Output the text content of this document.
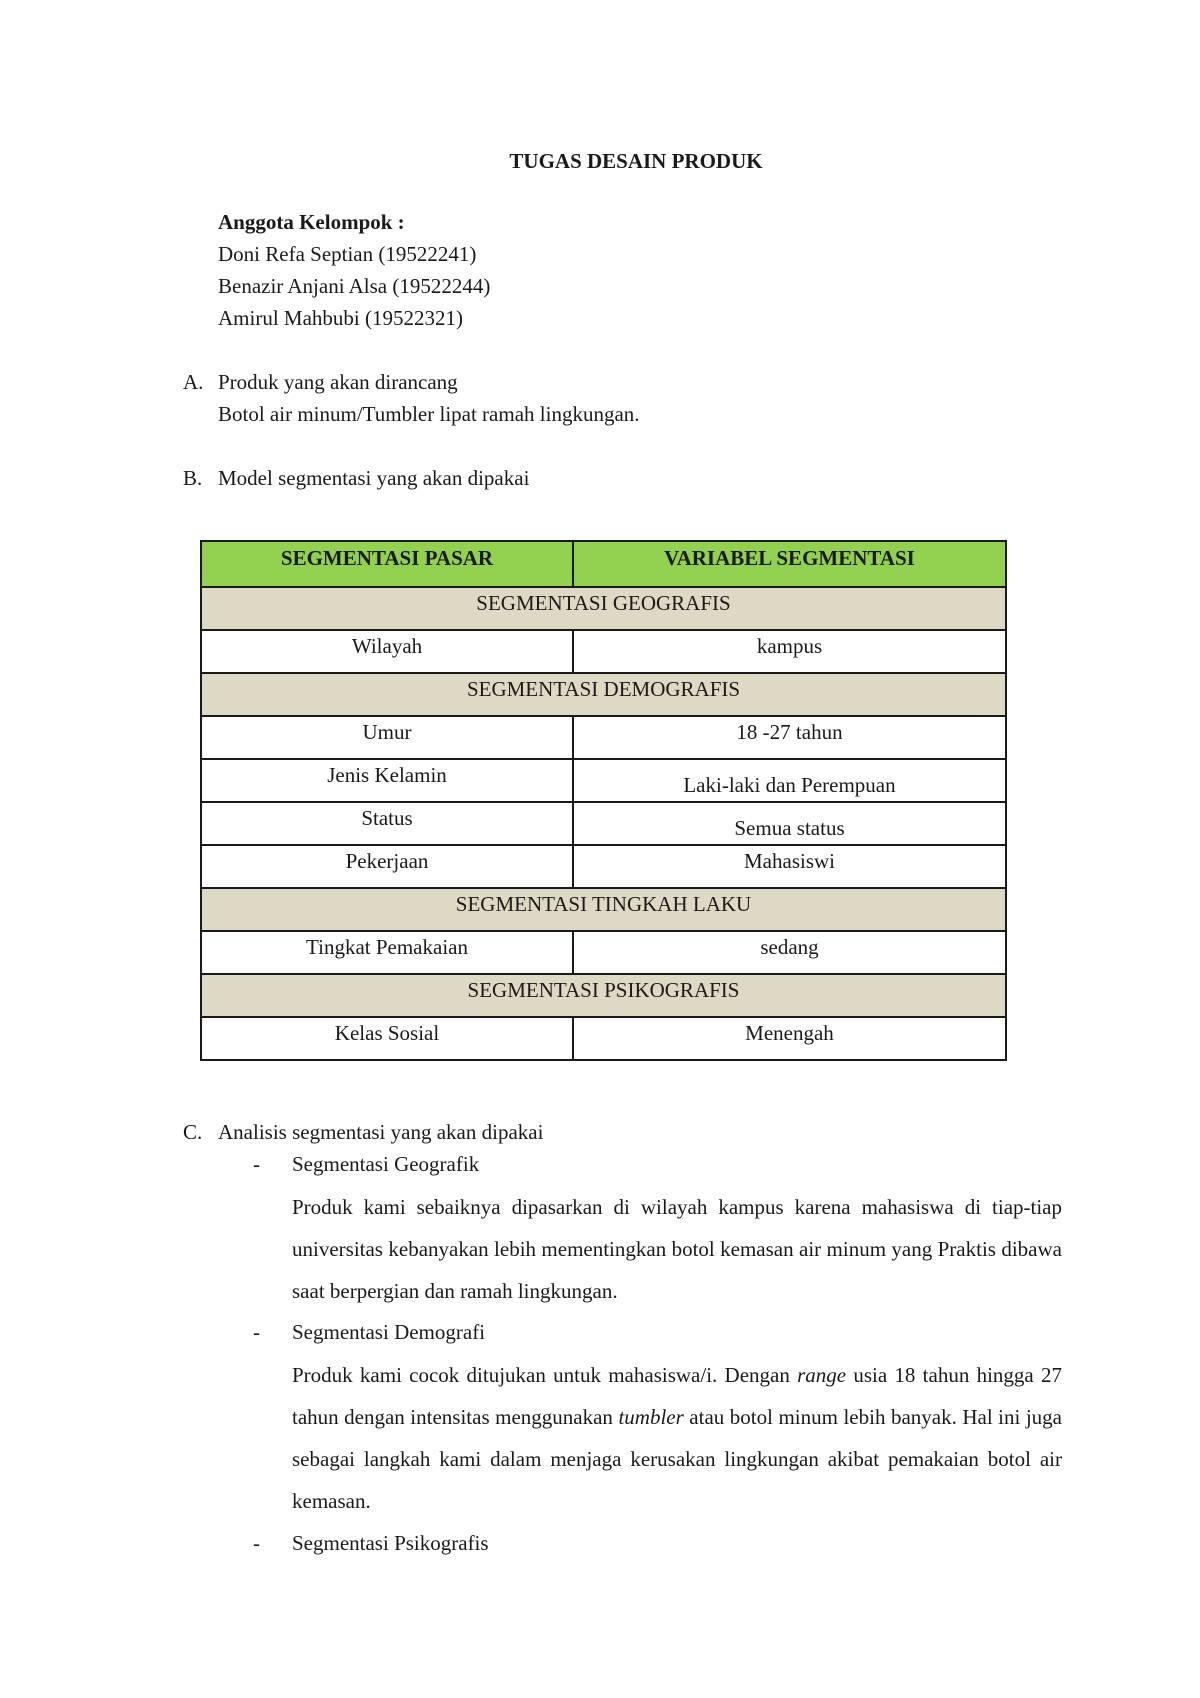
TUGAS DESAIN PRODUK
Anggota Kelompok :
Doni Refa Septian (19522241)
Benazir Anjani Alsa (19522244)
Amirul Mahbubi (19522321)
A. Produk yang akan dirancang
Botol air minum/Tumbler lipat ramah lingkungan.
B. Model segmentasi yang akan dipakai
SEGMENTASI PASAR	VARIABEL SEGMENTASI
SEGMENTASI GEOGRAFIS	
Wilayah	kampus
SEGMENTASI DEMOGRAFIS	
Umur	18 -27 tahun
Jenis Kelamin	Laki-laki dan Perempuan
Status	Semua status
Pekerjaan	Mahasiswi
SEGMENTASI TINGKAH LAKU	
Tingkat Pemakaian	sedang
SEGMENTASI PSIKOGRAFIS	
Kelas Sosial	Menengah
C. Analisis segmentasi yang akan dipakai
- Segmentasi Geografik
Produk kami sebaiknya dipasarkan di wilayah kampus karena mahasiswa di tiap-tiap universitas kebanyakan lebih mementingkan botol kemasan air minum yang Praktis dibawa saat berpergian dan ramah lingkungan.
- Segmentasi Demografi
Produk kami cocok ditujukan untuk mahasiswa/i. Dengan range usia 18 tahun hingga 27 tahun dengan intensitas menggunakan tumbler atau botol minum lebih banyak. Hal ini juga sebagai langkah kami dalam menjaga kerusakan lingkungan akibat pemakaian botol air kemasan.
- Segmentasi Psikografis
